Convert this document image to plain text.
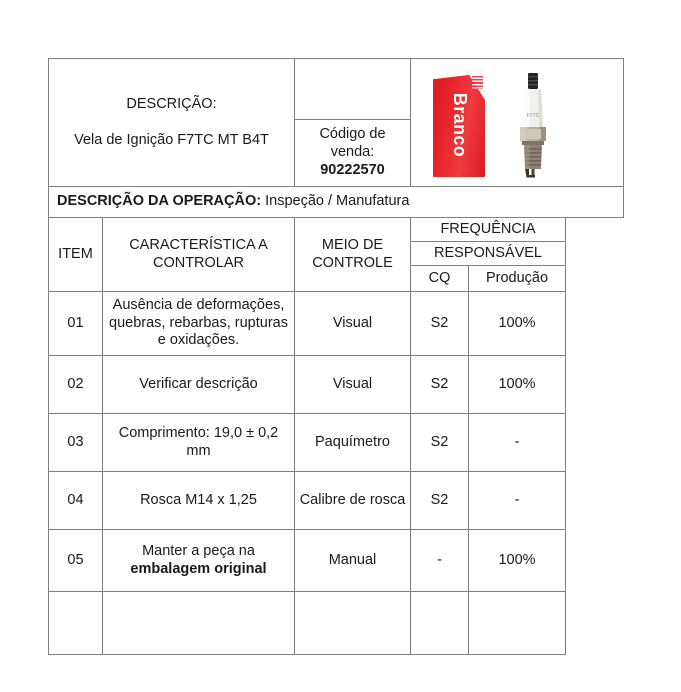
DESCRIÇÃO:
Vela de Ignição F7TC MT B4T			Branco F7TC		

		Código de venda:
90222570			

DESCRIÇÃO DA OPERAÇÃO: Inspeção / Manufatura					
ITEM	CARACTERÍSTICA A CONTROLAR	MEIO DE CONTROLE	FREQUÊNCIA		
			RESPONSÁVEL		
			CQ	Produção	
01	Ausência de deformações, quebras, rebarbas, rupturas e oxidações.	Visual	S2	100%	
02	Verificar descrição	Visual	S2	100%	
03	Comprimento: 19,0 ± 0,2 mm	Paquímetro	S2	-	
04	Rosca M14 x 1,25	Calibre de rosca	S2	-	
05	Manter a peça na embalagem original	Manual	-	100%	
